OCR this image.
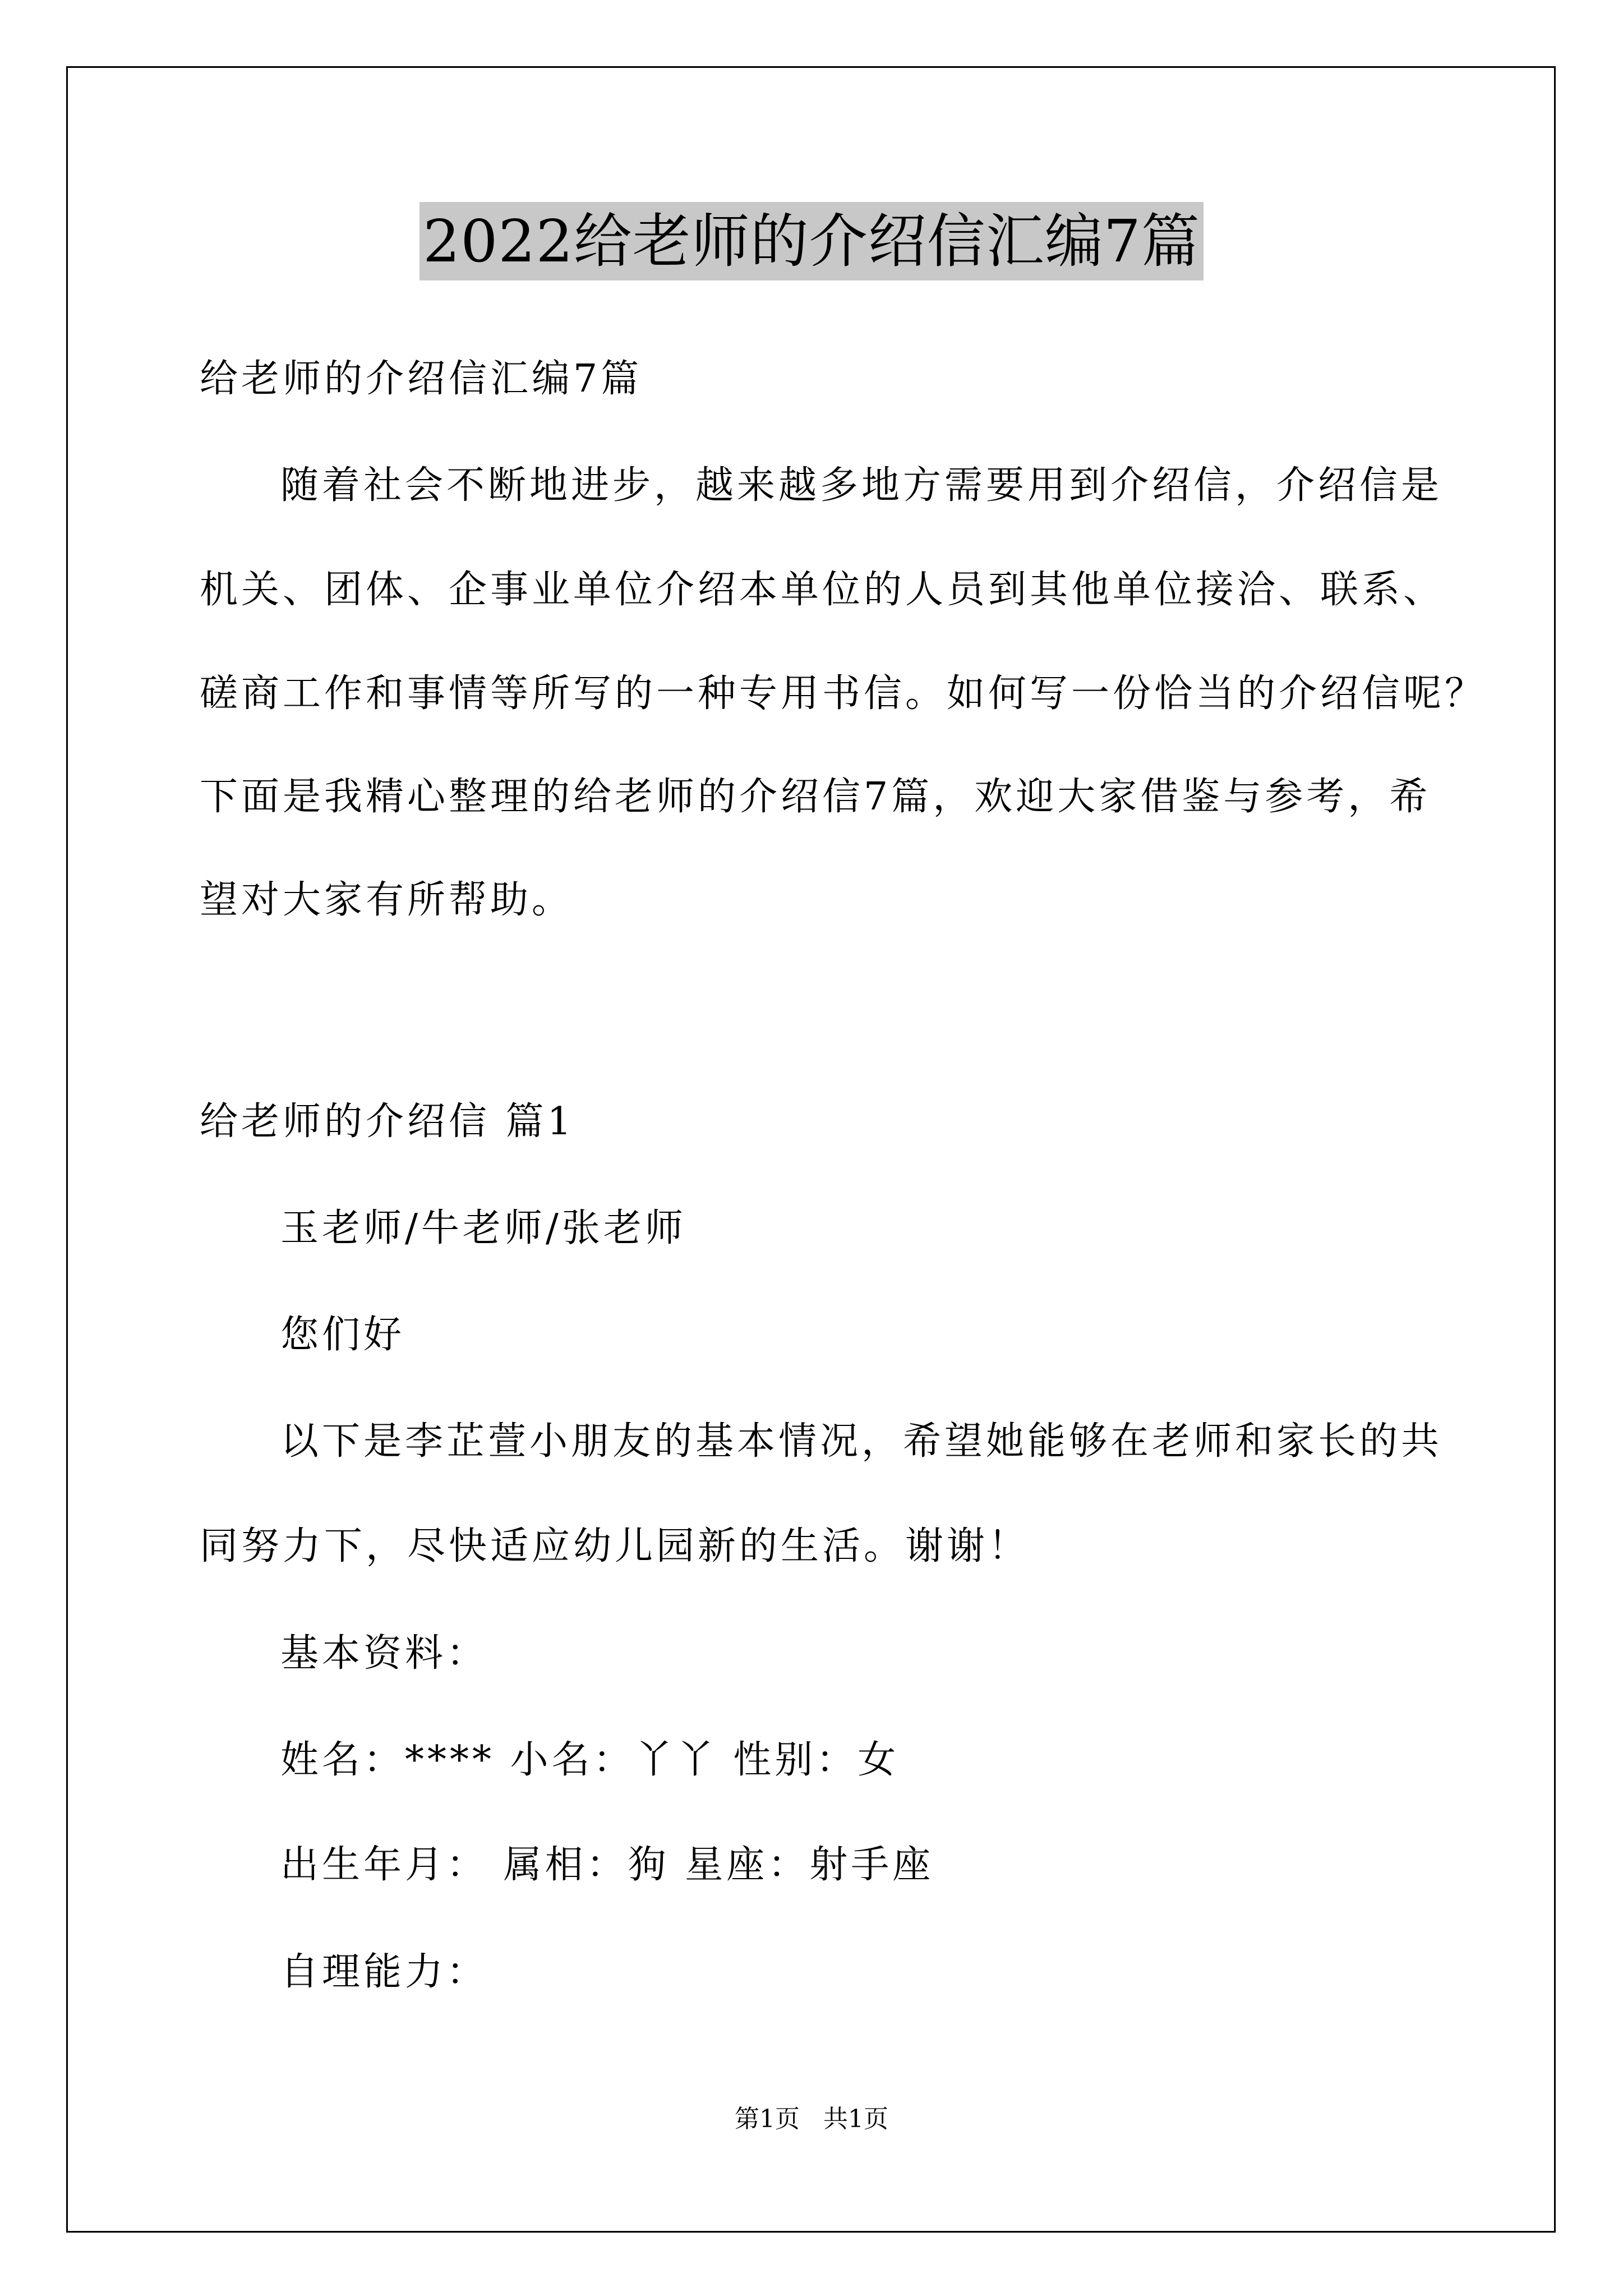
2022给老师的介绍信汇编7篇
给老师的介绍信汇编7篇
随着社会不断地进步，越来越多地方需要用到介绍信，介绍信是
机关、团体、企事业单位介绍本单位的人员到其他单位接洽、联系、
磋商工作和事情等所写的一种专用书信。如何写一份恰当的介绍信呢？
下面是我精心整理的给老师的介绍信7篇，欢迎大家借鉴与参考，希
望对大家有所帮助。
给老师的介绍信 篇1
玉老师/牛老师/张老师
您们好
以下是李芷萱小朋友的基本情况，希望她能够在老师和家长的共
同努力下，尽快适应幼儿园新的生活。谢谢！
基本资料：
姓名：**** 小名：丫丫 性别：女
出生年月： 属相：狗 星座：射手座
自理能力：
第1页 共1页
